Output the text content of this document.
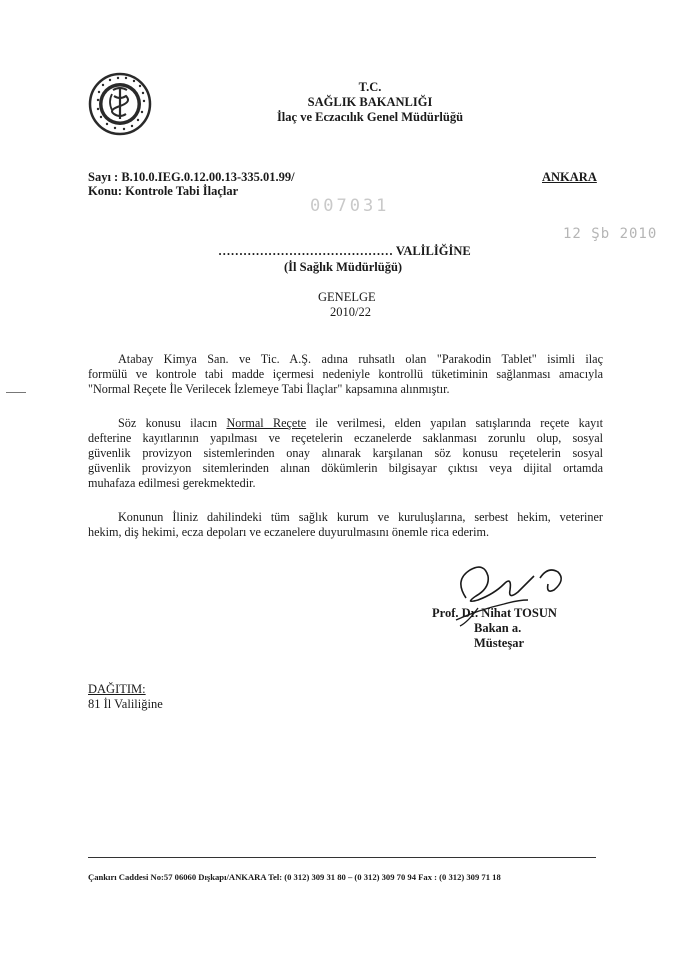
T.C.
SAĞLIK BAKANLIĞI
İlaç ve Eczacılık Genel Müdürlüğü
Sayı : B.10.0.IEG.0.12.00.13-335.01.99/
Konu: Kontrole Tabi İlaçlar
ANKARA
007031
12 Şb 2010
…………………………………… VALİLİĞİNE
(İl Sağlık Müdürlüğü)
GENELGE
2010/22
Atabay Kimya San. ve Tic. A.Ş. adına ruhsatlı olan "Parakodin Tablet" isimli ilaç
formülü ve kontrole tabi madde içermesi nedeniyle kontrollü tüketiminin sağlanması amacıyla
"Normal Reçete İle Verilecek İzlemeye Tabi İlaçlar" kapsamına alınmıştır.
Söz konusu ilacın Normal Reçete ile verilmesi, elden yapılan satışlarında reçete kayıt
defterine kayıtlarının yapılması ve reçetelerin eczanelerde saklanması zorunlu olup, sosyal
güvenlik provizyon sistemlerinden onay alınarak karşılanan söz konusu reçetelerin sosyal
güvenlik provizyon sitemlerinden alınan dökümlerin bilgisayar çıktısı veya dijital ortamda
muhafaza edilmesi gerekmektedir.
Konunun İliniz dahilindeki tüm sağlık kurum ve kuruluşlarına, serbest hekim, veteriner
hekim, diş hekimi, ecza depoları ve eczanelere duyurulmasını önemle rica ederim.
Prof. Dr. Nihat TOSUN
Bakan a.
Müsteşar
DAĞITIM:
81 İl Valiliğine
Çankırı Caddesi No:57 06060 Dışkapı/ANKARA Tel: (0 312) 309 31 80 – (0 312) 309 70 94 Fax : (0 312) 309 71 18
